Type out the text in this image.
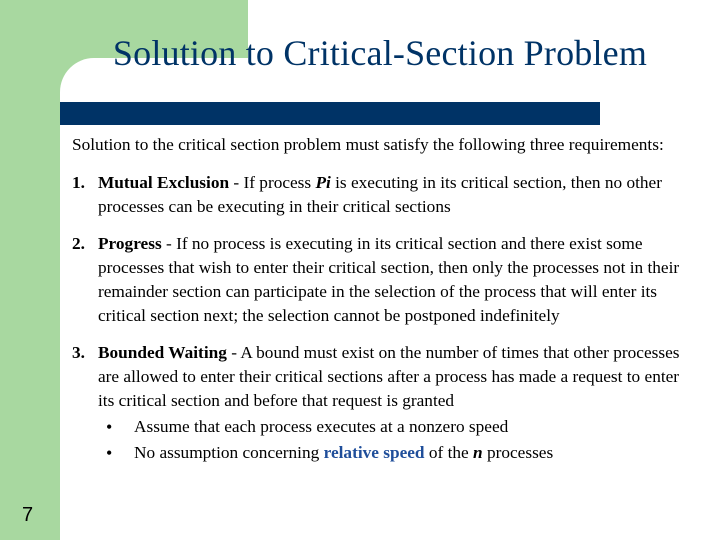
Solution to Critical-Section Problem

Solution to the critical section problem must satisfy the following three requirements:

1. Mutual Exclusion - If process Pi is executing in its critical section, then no other processes can be executing in their critical sections
2. Progress - If no process is executing in its critical section and there exist some processes that wish to enter their critical section, then only the processes not in their remainder section can participate in the selection of the process that will enter its critical section next; the selection cannot be postponed indefinitely
3. Bounded Waiting - A bound must exist on the number of times that other processes are allowed to enter their critical sections after a process has made a request to enter its critical section and before that request is granted
• Assume that each process executes at a nonzero speed
• No assumption concerning relative speed of the n processes
7
